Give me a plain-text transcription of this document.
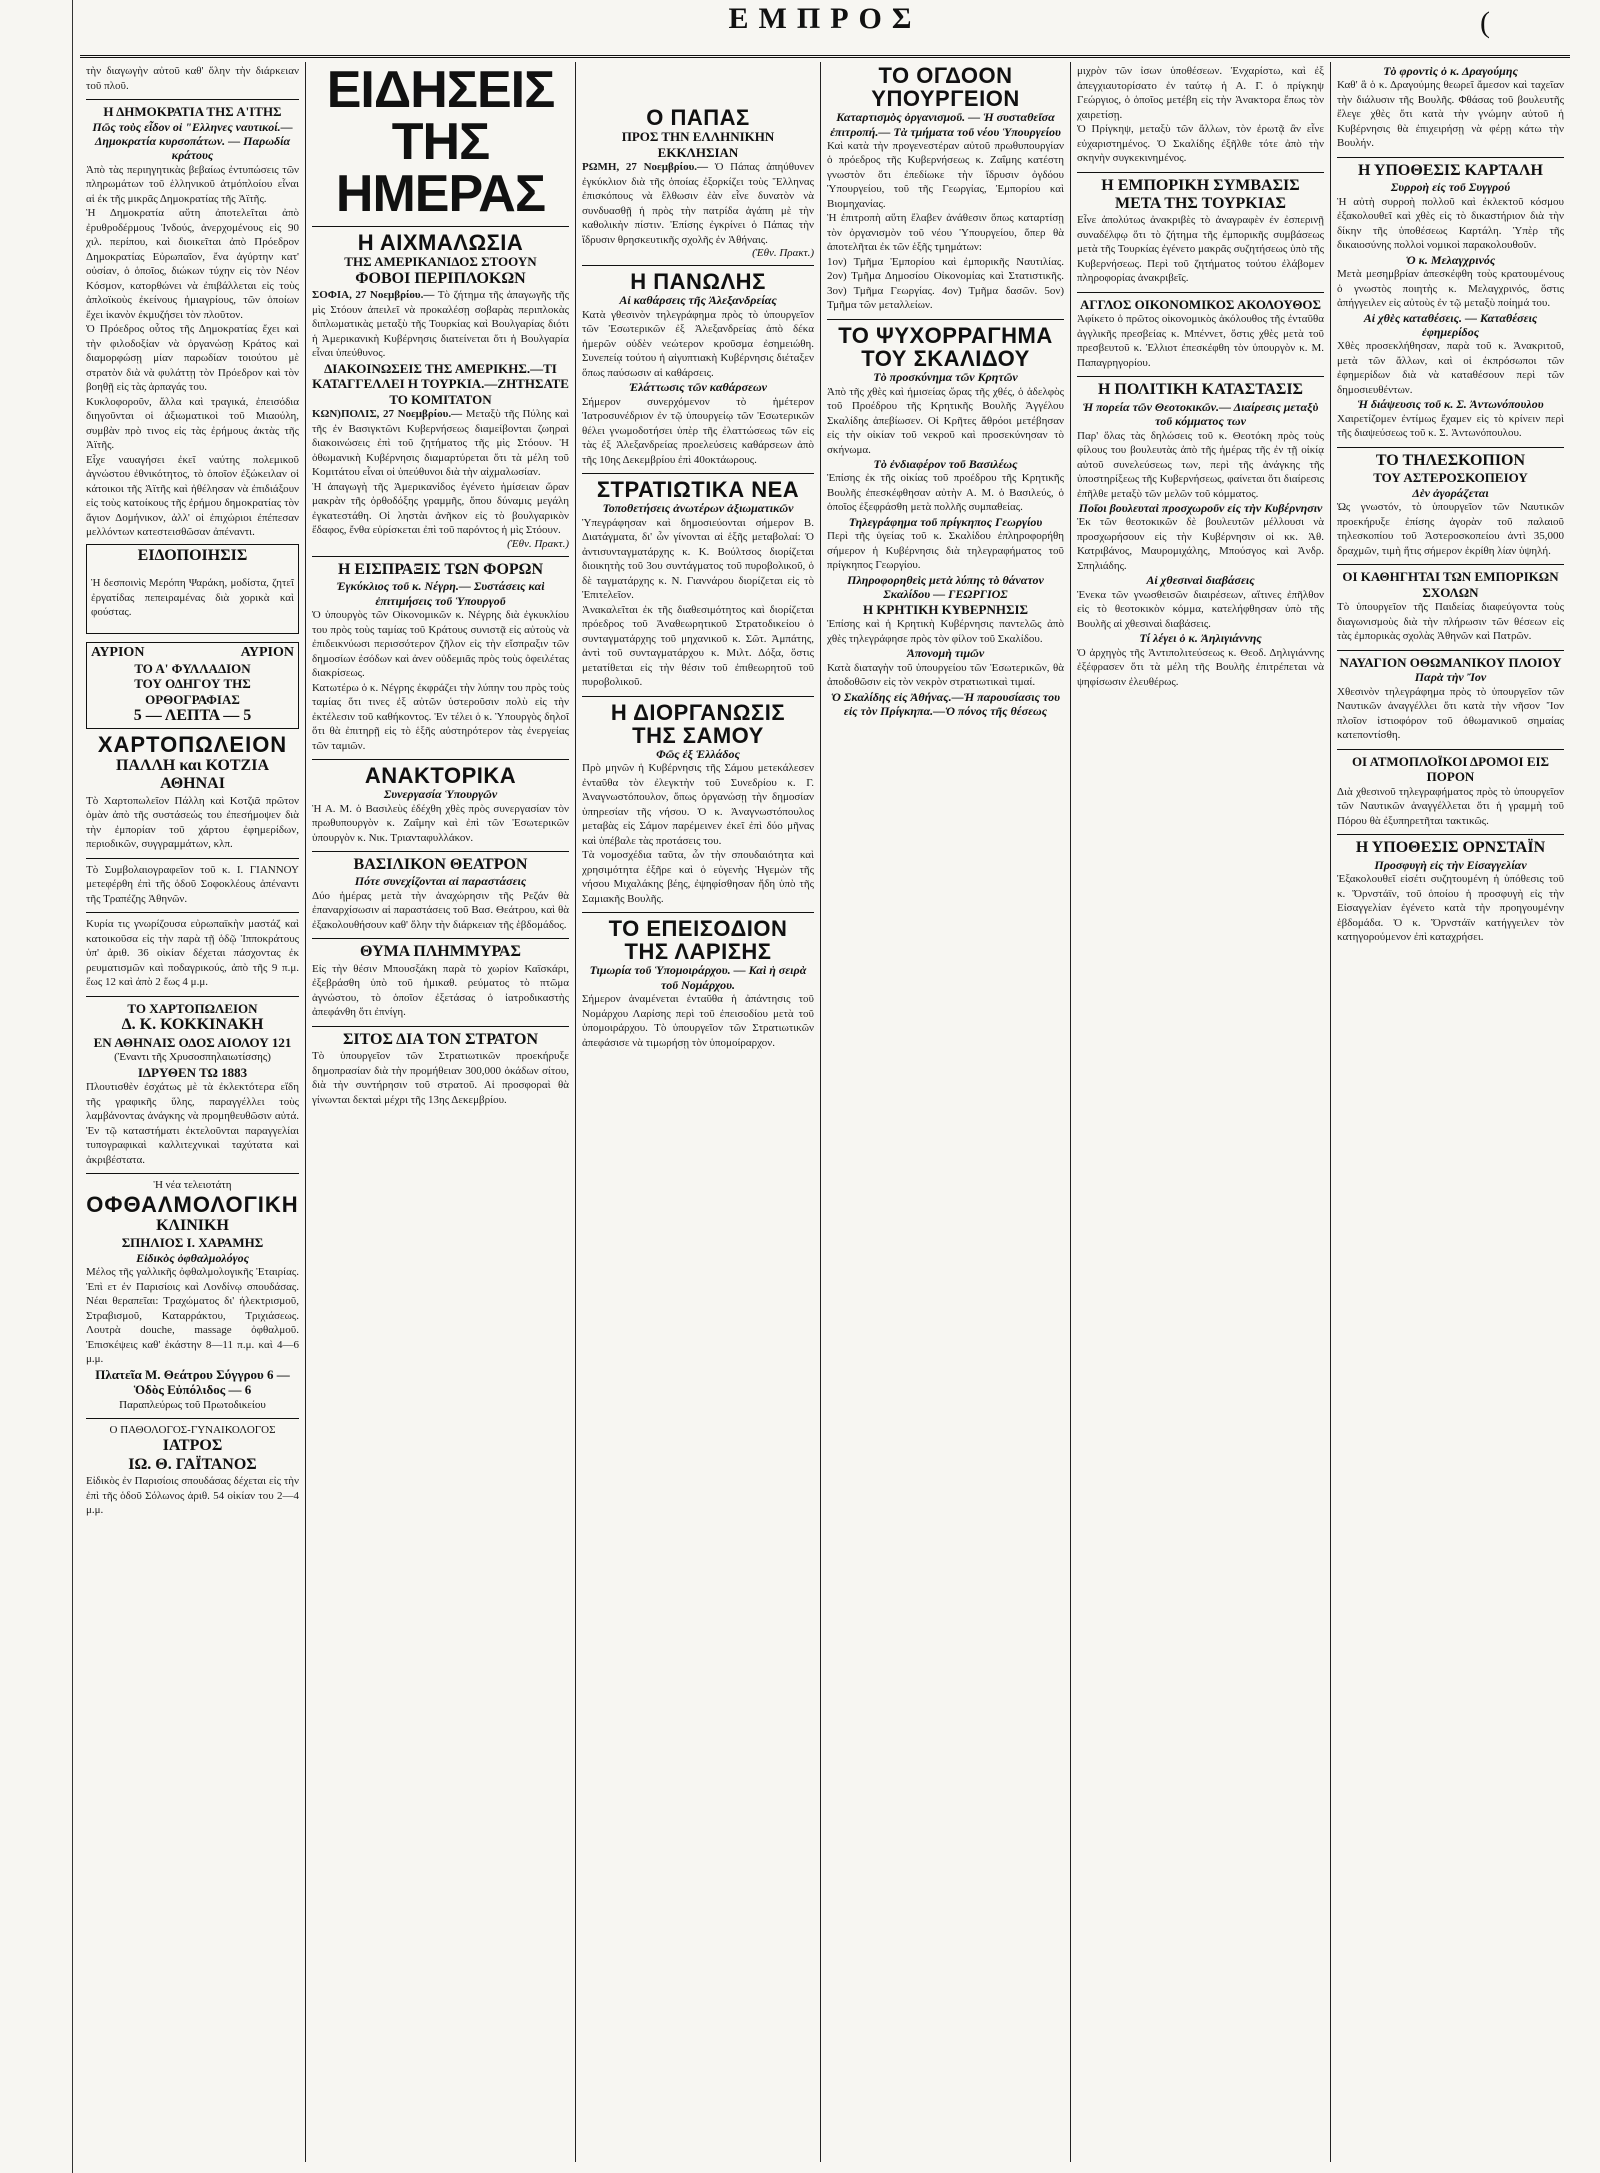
ΕΜΠΡΟΣ	(

τὴν διαγωγὴν αὐτοῦ καθ' ὅλην τὴν διάρκειαν τοῦ πλοῦ.

Η ΔΗΜΟΚΡΑΤΙΑ ΤΗΣ Α'ΙΤΗΣ
Πῶς τοὺς εἶδον οἱ "Ελληνες ναυτικοί.— Δημοκρατία κυρσοπάτων. — Παρωδία κράτους

Ἀπὸ τὰς περιηγητικὰς βεβαίως ἐντυπώσεις τῶν πληρωμάτων τοῦ ἑλληνικοῦ ἀτμόπλοίου εἶναι αἱ ἐκ τῆς μικρᾶς Δημοκρατίας τῆς Ἀϊτῆς.

Ἡ Δημοκρατία αὕτη ἀποτελεῖται ἀπὸ ἐρυθροδέρμους Ἰνδούς, ἀνερχομένους εἰς 90 χιλ. περίπου, καὶ διοικεῖται ἀπὸ Πρόεδρον Δημοκρατίας Εὐρωπαῖον, ἔνα ἀγύρτην κατ' οὐσίαν, ὁ ὁποῖος, διώκων τύχην εἰς τὸν Νέον Κόσμον, κατορθώνει νὰ ἐπιβάλλεται εἰς τοὺς ἀπλοϊκοὺς ἐκείνους ἠμιαγρίους, τῶν ὁποίων ἔχει ἱκανὸν ἐκμυζήσει τὸν πλοῦτον.

Ὁ Πρόεδρος οὗτος τῆς Δημοκρατίας ἔχει καὶ τὴν φιλοδοξίαν νὰ ὀργανώσῃ Κράτος καὶ διαμορφώσῃ μίαν παρωδίαν τοιούτου μὲ στρατὸν διὰ νὰ φυλάττῃ τὸν Πρόεδρον καὶ τὸν βοηθῇ εἰς τὰς ἀρπαγάς του.

Κυκλοφοροῦν, ἄλλα καὶ τραγικά, ἐπεισόδια διηγοῦνται οἱ ἀξιωματικοὶ τοῦ Μιαούλη, συμβὰν πρὸ τινος εἰς τὰς ἐρήμους ἀκτὰς τῆς Ἀϊτῆς.

Εἶχε ναυαγήσει ἐκεῖ ναύτης πολεμικοῦ ἀγνώστου ἐθνικότητος, τὸ ὁποῖον ἐξώκειλαν οἱ κάτοικοι τῆς Ἀϊτῆς καὶ ἠθέλησαν νὰ ἐπιδιάξουν εἰς τοὺς κατοίκους τῆς ἐρήμου δημοκρατίας τὸν ἅγιον Δομήνικον, ἀλλ' οἱ ἐπιχώριοι ἐπέπεσαν μελλόντων κατεστεισθῶσαν ἀπέναντι.

ΕΙΔΟΠΟΙΗΣΙΣ

Ἡ δεσποινὶς Μερόπη Ψαράκη, μοδίστα, ζητεῖ ἐργατίδας πεπειραμένας διὰ χορικὰ καὶ φούστας.

ΑΥΡΙΟΝ	ΑΥΡΙΟΝ
ΤΟ Α' ΦΥΛΛΑΔΙΟΝ
ΤΟΥ ΟΔΗΓΟΥ ΤΗΣ ΟΡΘΟΓΡΑΦΙΑΣ
5 — ΛΕΠΤΑ — 5
ΧΑΡΤΟΠΩΛΕΙΟΝ
ΠΑΛΛΗ και ΚΟΤΖΙΑ
ΑΘΗΝΑΙ

Τὸ Χαρτοπωλεῖον Πάλλη καὶ Κοτζιᾶ πρῶτον ὁμὰν ἀπὸ τῆς συστάσεώς του ἐπεσήμοψεν διὰ τὴν ἐμπορίαν τοῦ χάρτου ἐφημερίδων, περιοδικῶν, συγγραμμάτων, κλπ.

Τὸ Συμβολαιογραφεῖον τοῦ κ. Ι. ΓΙΑΝΝΟΥ μετεφέρθη ἐπὶ τῆς ὁδοῦ Σοφοκλέους ἀπέναντι τῆς Τραπέζης Ἀθηνῶν.

Κυρία τις γνωρίζουσα εὐρωπαϊκὴν μαστάζ καὶ κατοικοῦσα εἰς τὴν παρὰ τῇ ὁδῷ Ἱπποκράτους ὑπ' ἀριθ. 36 οἰκίαν δέχεται πάσχοντας ἐκ ρευματισμῶν καὶ ποδαγρικούς, ἀπὸ τῆς 9 π.μ. ἕως 12 καὶ ἀπὸ 2 ἕως 4 μ.μ.

ΤΟ ΧΑΡΤΟΠΩΛΕΙΟΝ
Δ. Κ. ΚΟΚΚΙΝΑΚΗ
ΕΝ ΑΘΗΝΑΙΣ ΟΔΟΣ ΑΙΟΛΟΥ 121
(Ἐναντι τῆς Χρυσοσπηλαιωτίσσης)
ΙΔΡΥΘΕΝ ΤΩ 1883

Πλουτισθὲν ἐσχάτως μὲ τὰ ἐκλεκτότερα εἴδη τῆς γραφικῆς ὕλης, παραγγέλλει τοὺς λαμβάνοντας ἀνάγκης νὰ προμηθευθῶσιν αὐτά. Ἐν τῷ καταστήματι ἐκτελοῦνται παραγγελίαι τυπογραφικαὶ καλλιτεχνικαὶ ταχύτατα καὶ ἀκριβέστατα.

Ἡ νέα τελειοτάτη
ΟΦΘΑΛΜΟΛΟΓΙΚΗ
ΚΛΙΝΙΚΗ
ΣΠΗΛΙΟΣ Ι. ΧΑΡΑΜΗΣ
Εἰδικὸς ὀφθαλμολόγος

Μέλος τῆς γαλλικῆς ὀφθαλμολογικῆς Ἑταιρίας. Ἐπὶ ετ ἐν Παρισίοις καὶ Λονδίνῳ σπουδάσας. Νέαι θεραπεῖαι: Τραχώματος δι' ἠλεκτρισμοῦ, Στραβισμοῦ, Καταρράκτου, Τριχιάσεως. Λουτρὰ douche, massage ὀφθαλμοῦ. Ἐπισκέψεις καθ' ἑκάστην 8—11 π.μ. καὶ 4—6 μ.μ.

Πλατεῖα Μ. Θεάτρου Σύγγρου 6 — Ὁδὸς Εὐπόλιδος — 6
Παραπλεύρως τοῦ Πρωτοδικείου
Ο ΠΑΘΟΛΟΓΟΣ-ΓΥΝΑΙΚΟΛΟΓΟΣ
ΙΑΤΡΟΣ
ΙΩ. Θ. ΓΑΪΤΑΝΟΣ

Εἰδικὸς ἐν Παρισίοις σπουδάσας δέχεται εἰς τὴν ἐπὶ τῆς ὁδοῦ Σόλωνος ἀριθ. 54 οἰκίαν του 2—4 μ.μ.

ΕΙΔΗΣΕΙΣ ΤΗΣ ΗΜΕΡΑΣ
Η ΑΙΧΜΑΛΩΣΙΑ
ΤΗΣ ΑΜΕΡΙΚΑΝΙΔΟΣ ΣΤΟΟΥΝ
ΦΟΒΟΙ ΠΕΡΙΠΛΟΚΩΝ

ΣΟΦΙΑ, 27 Νοεμβρίου.— Τὸ ζήτημα τῆς ἀπαγωγῆς τῆς μὶς Στόουν ἀπειλεῖ νὰ προκαλέσῃ σοβαρὰς περιπλοκὰς διπλωματικὰς μεταξὺ τῆς Τουρκίας καὶ Βουλγαρίας διότι ἡ Ἀμερικανικὴ Κυβέρνησις διατείνεται ὅτι ἡ Βουλγαρία εἶναι ὑπεύθυνος.

ΔΙΑΚΟΙΝΩΣΕΙΣ ΤΗΣ ΑΜΕΡΙΚΗΣ.—ΤΙ ΚΑΤΑΓΓΕΛΛΕΙ Η ΤΟΥΡΚΙΑ.—ΖΗΤΗΣΑΤΕ ΤΟ ΚΟΜΙΤΑΤΟΝ

ΚΩΝ)ΠΟΛΙΣ, 27 Νοεμβρίου.— Μεταξὺ τῆς Πύλης καὶ τῆς ἐν Βασιγκτῶνι Κυβερνήσεως διαμείβονται ζωηραὶ διακοινώσεις ἐπὶ τοῦ ζητήματος τῆς μὶς Στόουν. Ἡ ὀθωμανικὴ Κυβέρνησις διαμαρτύρεται ὅτι τὰ μέλη τοῦ Κομιτάτου εἶναι οἱ ὑπεύθυνοι διὰ τὴν αἰχμαλωσίαν.

Ἡ ἀπαγωγὴ τῆς Ἀμερικανίδος ἐγένετο ἡμίσειαν ὥραν μακρὰν τῆς ὀρθοδόξης γραμμῆς, ὅπου δύναμις μεγάλη ἐγκατεστάθη. Οἱ ληστὰι ἀνῆκον εἰς τὸ βουλγαρικὸν ἔδαφος, ἔνθα εὑρίσκεται ἐπὶ τοῦ παρόντος ἡ μὶς Στόουν.

(Ἐθν. Πρακτ.)
Η ΕΙΣΠΡΑΞΙΣ ΤΩΝ ΦΟΡΩΝ
Ἐγκύκλιος τοῦ κ. Νέγρη.— Συστάσεις καὶ ἐπιτιμήσεις τοῦ Ὑπουργοῦ

Ὁ ὑπουργὸς τῶν Οἰκονομικῶν κ. Νέγρης διὰ ἐγκυκλίου του πρὸς τοὺς ταμίας τοῦ Κράτους συνιστᾷ εἰς αὐτοὺς νὰ ἐπιδεικνύωσι περισσότερον ζῆλον εἰς τὴν εἴσπραξιν τῶν δημοσίων ἐσόδων καὶ ἀνεν οὐδεμιᾶς πρὸς τοὺς ὀφειλέτας διακρίσεως.

Κατωτέρω ὁ κ. Νέγρης ἐκφράζει τὴν λύπην του πρὸς τοὺς ταμίας ὅτι τινες ἐξ αὐτῶν ὑστεροῦσιν πολὺ εἰς τὴν ἐκτέλεσιν τοῦ καθήκοντος. Ἐν τέλει ὁ κ. Ὑπουργὸς δηλοῖ ὅτι θὰ ἐπιτηρῇ εἰς τὸ ἑξῆς αὐστηρότερον τὰς ἐνεργείας τῶν ταμιῶν.

ΑΝΑΚΤΟΡΙΚΑ
Συνεργασία Ὑπουργῶν

Ἡ Α. Μ. ὁ Βασιλεὺς ἐδέχθη χθὲς πρὸς συνεργασίαν τὸν πρωθυπουργὸν κ. Ζαΐμην καὶ ἐπὶ τῶν Ἐσωτερικῶν ὑπουργὸν κ. Νικ. Τριανταφυλλάκον.

ΒΑΣΙΛΙΚΟΝ ΘΕΑΤΡΟΝ
Πότε συνεχίζονται αἱ παραστάσεις

Δύο ἡμέρας μετὰ τὴν ἀναχώρησιν τῆς Ρεζάν θὰ ἐπαναρχίσωσιν αἱ παραστάσεις τοῦ Βασ. Θεάτρου, καὶ θὰ ἐξακολουθήσουν καθ' ὅλην τὴν διάρκειαν τῆς ἑβδομάδος.

ΘΥΜΑ ΠΛΗΜΜΥΡΑΣ

Εἰς τὴν θέσιν Μπουσξάκη παρὰ τὸ χωρίον Καϊσκάρι, ἐξεβράσθη ὑπὸ τοῦ ἡμικαθ. ρεύματος τὸ πτῶμα ἀγνώστου, τὸ ὁποῖον ἐξετάσας ὁ ἰατροδικαστὴς ἀπεφάνθη ὅτι ἐπνίγη.

ΣΙΤΟΣ ΔΙΑ ΤΟΝ ΣΤΡΑΤΟΝ

Τὸ ὑπουργεῖον τῶν Στρατιωτικῶν προεκήρυξε δημοπρασίαν διὰ τὴν προμήθειαν 300,000 ὀκάδων σίτου, διὰ τὴν συντήρησιν τοῦ στρατοῦ. Αἱ προσφοραὶ θὰ γίνωνται δεκταὶ μέχρι τῆς 13ης Δεκεμβρίου.

Ο ΠΑΠΑΣ
ΠΡΟΣ ΤΗΝ ΕΛΛΗΝΙΚΗΝ ΕΚΚΛΗΣΙΑΝ

ΡΩΜΗ, 27 Νοεμβρίου.— Ὁ Πάπας ἀπηύθυνεν ἐγκύκλιον διὰ τῆς ὁποίας ἐξορκίζει τοὺς Ἕλληνας ἐπισκόπους νὰ ἔλθωσιν ἐὰν εἶνε δυνατὸν νὰ συνδυασθῇ ἡ πρὸς τὴν πατρίδα ἀγάπη μὲ τὴν καθολικὴν πίστιν. Ἐπίσης ἐγκρίνει ὁ Πάπας τὴν ἵδρυσιν θρησκευτικῆς σχολῆς ἐν Ἀθήναις.

(Ἐθν. Πρακτ.)
Η ΠΑΝΩΛΗΣ
Αἱ καθάρσεις τῆς Ἀλεξανδρείας

Κατὰ γθεσινὸν τηλεγράφημα πρὸς τὸ ὑπουργεῖον τῶν Ἐσωτερικῶν ἐξ Ἀλεξανδρείας ἀπὸ δέκα ἡμερῶν οὐδὲν νεώτερον κροῦσμα ἐσημειώθη. Συνεπείᾳ τούτου ἡ αἰγυπτιακὴ Κυβέρνησις διέταξεν ὅπως παύσωσιν αἱ καθάρσεις.

Ἐλάττωσις τῶν καθάρσεων

Σήμερον συνερχόμενον τὸ ἡμέτερον Ἰατροσυνέδριον ἐν τῷ ὑπουργείῳ τῶν Ἐσωτερικῶν θέλει γνωμοδοτήσει ὑπὲρ τῆς ἐλαττώσεως τῶν εἰς τὰς ἐξ Ἀλεξανδρείας προελεύσεις καθάρσεων ἀπὸ τῆς 10ης Δεκεμβρίου ἐπὶ 40οκτάωρους.

ΣΤΡΑΤΙΩΤΙΚΑ ΝΕΑ
Τοποθετήσεις ἀνωτέρων ἀξιωματικῶν

Ὑπεγράφησαν καὶ δημοσιεύονται σήμερον Β. Διατάγματα, δι' ὧν γίνονται αἱ ἑξῆς μεταβολαί: Ὁ ἀντισυνταγματάρχης κ. Κ. Βούλτσος διορίζεται διοικητὴς τοῦ 3ου συντάγματος τοῦ πυροβολικοῦ, ὁ δὲ ταγματάρχης κ. Ν. Γιαννάρου διορίζεται εἰς τὸ Ἐπιτελεῖον.

Ἀνακαλεῖται ἐκ τῆς διαθεσιμότητος καὶ διορίζεται πρόεδρος τοῦ Ἀναθεωρητικοῦ Στρατοδικείου ὁ συνταγματάρχης τοῦ μηχανικοῦ κ. Σῶτ. Ἀμπάτης, ἀντὶ τοῦ συνταγματάρχου κ. Μιλτ. Δόξα, ὅστις μετατίθεται εἰς τὴν θέσιν τοῦ ἐπιθεωρητοῦ τοῦ πυροβολικοῦ.

Η ΔΙΟΡΓΑΝΩΣΙΣ
ΤΗΣ ΣΑΜΟΥ
Φῶς ἐξ Ἑλλάδος

Πρὸ μηνῶν ἡ Κυβέρνησις τῆς Σάμου μετεκάλεσεν ἐνταῦθα τὸν ἐλεγκτὴν τοῦ Συνεδρίου κ. Γ. Ἀναγνωστόπουλον, ὅπως ὀργανώσῃ τὴν δημοσίαν ὑπηρεσίαν τῆς νήσου. Ὁ κ. Ἀναγνωστόπουλος μεταβὰς εἰς Σάμον παρέμεινεν ἐκεῖ ἐπὶ δύο μῆνας καὶ ὑπέβαλε τὰς προτάσεις του.

Τὰ νομοσχέδια ταῦτα, ὧν τὴν σπουδαιότητα καὶ χρησιμότητα ἐξῆρε καὶ ὁ εὐγενὴς Ἡγεμὼν τῆς νήσου Μιχαλάκης βέης, ἐψηφίσθησαν ἤδη ὑπὸ τῆς Σαμιακῆς Βουλῆς.

ΤΟ ΕΠΕΙΣΟΔΙΟΝ
ΤΗΣ ΛΑΡΙΣΗΣ
Τιμωρία τοῦ Ὑπομοιράρχου. — Καὶ ἡ σειρὰ τοῦ Νομάρχου.

Σήμερον ἀναμένεται ἐνταῦθα ἡ ἀπάντησις τοῦ Νομάρχου Λαρίσης περὶ τοῦ ἐπεισοδίου μετὰ τοῦ ὑπομοιράρχου. Τὸ ὑπουργεῖον τῶν Στρατιωτικῶν ἀπεφάσισε νὰ τιμωρήσῃ τὸν ὑπομοίραρχον.

ΤΟ ΟΓΔΟΟΝ
ΥΠΟΥΡΓΕΙΟΝ
Καταρτισμὸς ὀργανισμοῦ. — Ἡ συσταθεῖσα ἐπιτροπή.— Τὰ τμήματα τοῦ νέου Ὑπουργείου

Καὶ κατὰ τὴν προγενεστέραν αὐτοῦ πρωθυπουργίαν ὁ πρόεδρος τῆς Κυβερνήσεως κ. Ζαΐμης κατέστη γνωστὸν ὅτι ἐπεδίωκε τὴν ἵδρυσιν ὀγδόου Ὑπουργείου, τοῦ τῆς Γεωργίας, Ἐμπορίου καὶ Βιομηχανίας.

Ἡ ἐπιτροπὴ αὕτη ἔλαβεν ἀνάθεσιν ὅπως καταρτίσῃ τὸν ὀργανισμὸν τοῦ νέου Ὑπουργείου, ὅπερ θὰ ἀποτελῆται ἐκ τῶν ἑξῆς τμημάτων:

1ον) Τμῆμα Ἐμπορίου καὶ ἐμπορικῆς Ναυτιλίας. 2ον) Τμῆμα Δημοσίου Οἰκονομίας καὶ Στατιστικῆς. 3ον) Τμῆμα Γεωργίας. 4ον) Τμῆμα δασῶν. 5ον) Τμῆμα τῶν μεταλλείων.

ΤΟ ΨΥΧΟΡΡΑΓΗΜΑ
ΤΟΥ ΣΚΑΛΙΔΟΥ
Τὸ προσκύνημα τῶν Κρητῶν

Ἀπὸ τῆς χθὲς καὶ ἡμισείας ὥρας τῆς χθές, ὁ ἀδελφὸς τοῦ Προέδρου τῆς Κρητικῆς Βουλῆς Ἀγγέλου Σκαλίδης ἀπεβίωσεν. Οἱ Κρῆτες ἄθρόοι μετέβησαν εἰς τὴν οἰκίαν τοῦ νεκροῦ καὶ προσεκύνησαν τὸ σκήνωμα.

Τὸ ἐνδιαφέρον τοῦ Βασιλέως

Ἐπίσης ἐκ τῆς οἰκίας τοῦ προέδρου τῆς Κρητικῆς Βουλῆς ἐπεσκέφθησαν αὐτὴν Α. Μ. ὁ Βασιλεύς, ὁ ὁποῖος ἐξεφράσθη μετὰ πολλῆς συμπαθείας.

Τηλεγράφημα τοῦ πρίγκηπος Γεωργίου

Περὶ τῆς ὑγείας τοῦ κ. Σκαλίδου ἐπληροφορήθη σήμερον ἡ Κυβέρνησις διὰ τηλεγραφήματος τοῦ πρίγκηπος Γεωργίου.

Πληροφορηθεὶς μετὰ λύπης τὸ θάνατον Σκαλίδου — ΓΕΩΡΓΙΟΣ
Η ΚΡΗΤΙΚΗ ΚΥΒΕΡΝΗΣΙΣ

Ἐπίσης καὶ ἡ Κρητικὴ Κυβέρνησις παντελῶς ἀπὸ χθὲς τηλεγράφησε πρὸς τὸν φίλον τοῦ Σκαλίδου.

Ἀπονομὴ τιμῶν

Κατὰ διαταγὴν τοῦ ὑπουργείου τῶν Ἐσωτερικῶν, θὰ ἀποδοθῶσιν εἰς τὸν νεκρὸν στρατιωτικαὶ τιμαί.

Ὁ Σκαλίδης εἰς Ἀθήνας.—Ἡ παρουσίασις του εἰς τὸν Πρίγκηπα.—Ὁ πόνος τῆς θέσεως

μιχρὸν τῶν ἰσων ὑποθέσεων. Ἐνχαρίστω, καὶ ἐξ ἀπεγχιαυτορίσατο ἐν ταύτῳ ἡ Α. Γ. ὁ πρίγκηψ Γεώργιος, ὁ ὁποῖος μετέβη εἰς τὴν Ἀνακτορα ἔπως τὸν χαιρετίσῃ.

Ὁ Πρίγκηψ, μεταξὺ τῶν ἄλλων, τὸν ἐρωτᾷ ἂν εἶνε εὐχαριστημένος. Ὁ Σκαλίδης ἐξῆλθε τότε ἀπὸ τὴν σκηνὴν συγκεκινημένος.

Η ΕΜΠΟΡΙΚΗ ΣΥΜΒΑΣΙΣ
ΜΕΤΑ ΤΗΣ ΤΟΥΡΚΙΑΣ

Εἶνε ἀπολύτως ἀνακριβὲς τὸ ἀναγραφὲν ἐν ἐσπερινῇ συναδέλφῳ ὅτι τὸ ζήτημα τῆς ἐμπορικῆς συμβάσεως μετὰ τῆς Τουρκίας ἐγένετο μακρᾶς συζητήσεως ὑπὸ τῆς Κυβερνήσεως. Περὶ τοῦ ζητήματος τούτου ἐλάβομεν πληροφορίας ἀνακριβεῖς.

ΑΓΓΛΟΣ ΟΙΚΟΝΟΜΙΚΟΣ ΑΚΟΛΟΥΘΟΣ

Ἀφίκετο ὁ πρῶτος οἰκονομικὸς ἀκόλουθος τῆς ἐνταῦθα ἀγγλικῆς πρεσβείας κ. Μπέννετ, ὅστις χθὲς μετὰ τοῦ πρεσβευτοῦ κ. Ἐλλιοτ ἐπεσκέφθη τὸν ὑπουργὸν κ. Μ. Παπαγρηγορίου.

Η ΠΟΛΙΤΙΚΗ ΚΑΤΑΣΤΑΣΙΣ
Ἡ πορεία τῶν Θεοτοκικῶν.— Διαίρεσις μεταξὺ τοῦ κόμματος των

Παρ' ὅλας τὰς δηλώσεις τοῦ κ. Θεοτόκη πρὸς τοὺς φίλους του βουλευτὰς ἀπὸ τῆς ἡμέρας τῆς ἐν τῇ οἰκίᾳ αὐτοῦ συνελεύσεως των, περὶ τῆς ἀνάγκης τῆς ὑποστηρίξεως τῆς Κυβερνήσεως, φαίνεται ὅτι διαίρεσις ἐπῆλθε μεταξὺ τῶν μελῶν τοῦ κόμματος.

Ποῖοι βουλευταὶ προσχωροῦν εἰς τὴν Κυβέρνησιν

Ἐκ τῶν θεοτοκικῶν δὲ βουλευτῶν μέλλουσι νὰ προσχωρήσουν εἰς τὴν Κυβέρνησιν οἱ κκ. Ἀθ. Κατριβάνος, Μαυρομιχάλης, Μπούσγος καὶ Ἀνδρ. Σπηλιάδης.

Αἱ χθεσιναὶ διαβάσεις

Ἐνεκα τῶν γνωσθεισῶν διαιρέσεων, αἵτινες ἐπῆλθον εἰς τὸ θεοτοκικὸν κόμμα, κατελήφθησαν ὑπὸ τῆς Βουλῆς αἱ χθεσιναὶ διαβάσεις.

Τί λέγει ὁ κ. Ἀηλιγιάννης

Ὁ ἀρχηγὸς τῆς Ἀντιπολιτεύσεως κ. Θεοδ. Δηλιγιάννης ἐξέφρασεν ὅτι τὰ μέλη τῆς Βουλῆς ἐπιτρέπεται νὰ ψηφίσωσιν ἐλευθέρως.

Τὸ φροντὶς ὁ κ. Δραγούμης

Καθ' ἃ ὁ κ. Δραγούμης θεωρεῖ ἄμεσον καὶ ταχεῖαν τὴν διάλυσιν τῆς Βουλῆς. Φθάσας τοῦ βουλευτῆς ἔλεγε χθὲς ὅτι κατὰ τὴν γνώμην αὐτοῦ ἡ Κυβέρνησις θὰ ἐπιχειρήσῃ νὰ φέρῃ κάτω τὴν Βουλήν.

Η ΥΠΟΘΕΣΙΣ ΚΑΡΤΑΛΗ
Συρροὴ εἰς τοῦ Συγγρού

Ἡ αὐτὴ συρροὴ πολλοῦ καὶ ἐκλεκτοῦ κόσμου ἐξακολουθεῖ καὶ χθὲς εἰς τὸ δικαστήριον διὰ τὴν δίκην τῆς ὑποθέσεως Καρτάλη. Ὑπὲρ τῆς δικαιοσύνης πολλοὶ νομικοὶ παρακολουθοῦν.

Ὁ κ. Μελαγχρινός

Μετὰ μεσημβρίαν ἀπεσκέφθη τοὺς κρατουμένους ὁ γνωστὸς ποιητὴς κ. Μελαγχρινός, ὅστις ἀπήγγειλεν εἰς αὐτοὺς ἐν τῷ μεταξὺ ποίημά του.

Αἱ χθὲς καταθέσεις. — Καταθέσεις ἐφημερίδος

Χθὲς προσεκλήθησαν, παρὰ τοῦ κ. Ἀνακριτοῦ, μετὰ τῶν ἄλλων, καὶ οἱ ἐκπρόσωποι τῶν ἐφημερίδων διὰ νὰ καταθέσουν περὶ τῶν δημοσιευθέντων.

Ἡ διάψευσις τοῦ κ. Σ. Ἀντωνόπουλου

Χαιρετίζομεν ἐντίμως ἔχαμεν εἰς τὸ κρίνειν περὶ τῆς διαψεύσεως τοῦ κ. Σ. Ἀντωνόπουλου.

ΤΟ ΤΗΛΕΣΚΟΠΙΟΝ
ΤΟΥ ΑΣΤΕΡΟΣΚΟΠΕΙΟΥ
Δὲν ἀγοράζεται

Ὡς γνωστόν, τὸ ὑπουργεῖον τῶν Ναυτικῶν προεκήρυξε ἐπίσης ἀγορὰν τοῦ παλαιοῦ τηλεσκοπίου τοῦ Ἀστεροσκοπείου ἀντὶ 35,000 δραχμῶν, τιμὴ ἥτις σήμερον ἐκρίθη λίαν ὑψηλή.

ΟΙ ΚΑΘΗΓΗΤΑΙ ΤΩΝ ΕΜΠΟΡΙΚΩΝ ΣΧΟΛΩΝ

Τὸ ὑπουργεῖον τῆς Παιδείας διαφεύγοντα τοὺς διαγωνισμοὺς διὰ τὴν πλήρωσιν τῶν θέσεων εἰς τὰς ἐμπορικὰς σχολὰς Ἀθηνῶν καὶ Πατρῶν.

ΝΑΥΑΓΙΟΝ ΟΘΩΜΑΝΙΚΟΥ ΠΛΟΙΟΥ
Παρὰ τὴν Ἴον

Χθεσινὸν τηλεγράφημα πρὸς τὸ ὑπουργεῖον τῶν Ναυτικῶν ἀναγγέλλει ὅτι κατὰ τὴν νῆσον Ἴον πλοῖον ἰστιοφόρον τοῦ ὀθωμανικοῦ σημαίας κατεποντίσθη.

ΟΙ ΑΤΜΟΠΛΟΪΚΟΙ ΔΡΟΜΟΙ ΕΙΣ ΠΟΡΟΝ

Διὰ χθεσινοῦ τηλεγραφήματος πρὸς τὸ ὑπουργεῖον τῶν Ναυτικῶν ἀναγγέλλεται ὅτι ἡ γραμμὴ τοῦ Πόρου θὰ ἐξυπηρετῆται τακτικῶς.

Η ΥΠΟΘΕΣΙΣ ΟΡΝΣΤΑΪΝ
Προσφυγὴ εἰς τὴν Εἰσαγγελίαν

Ἐξακολουθεῖ εἰσέτι συζητουμένη ἡ ὑπόθεσις τοῦ κ. Ὄρνστάϊν, τοῦ ὁποίου ἡ προσφυγὴ εἰς τὴν Εἰσαγγελίαν ἐγένετο κατὰ τὴν προηγουμένην ἑβδομάδα. Ὁ κ. Ὄρνστάϊν κατήγγειλεν τὸν κατηγορούμενον ἐπὶ καταχρήσει.
